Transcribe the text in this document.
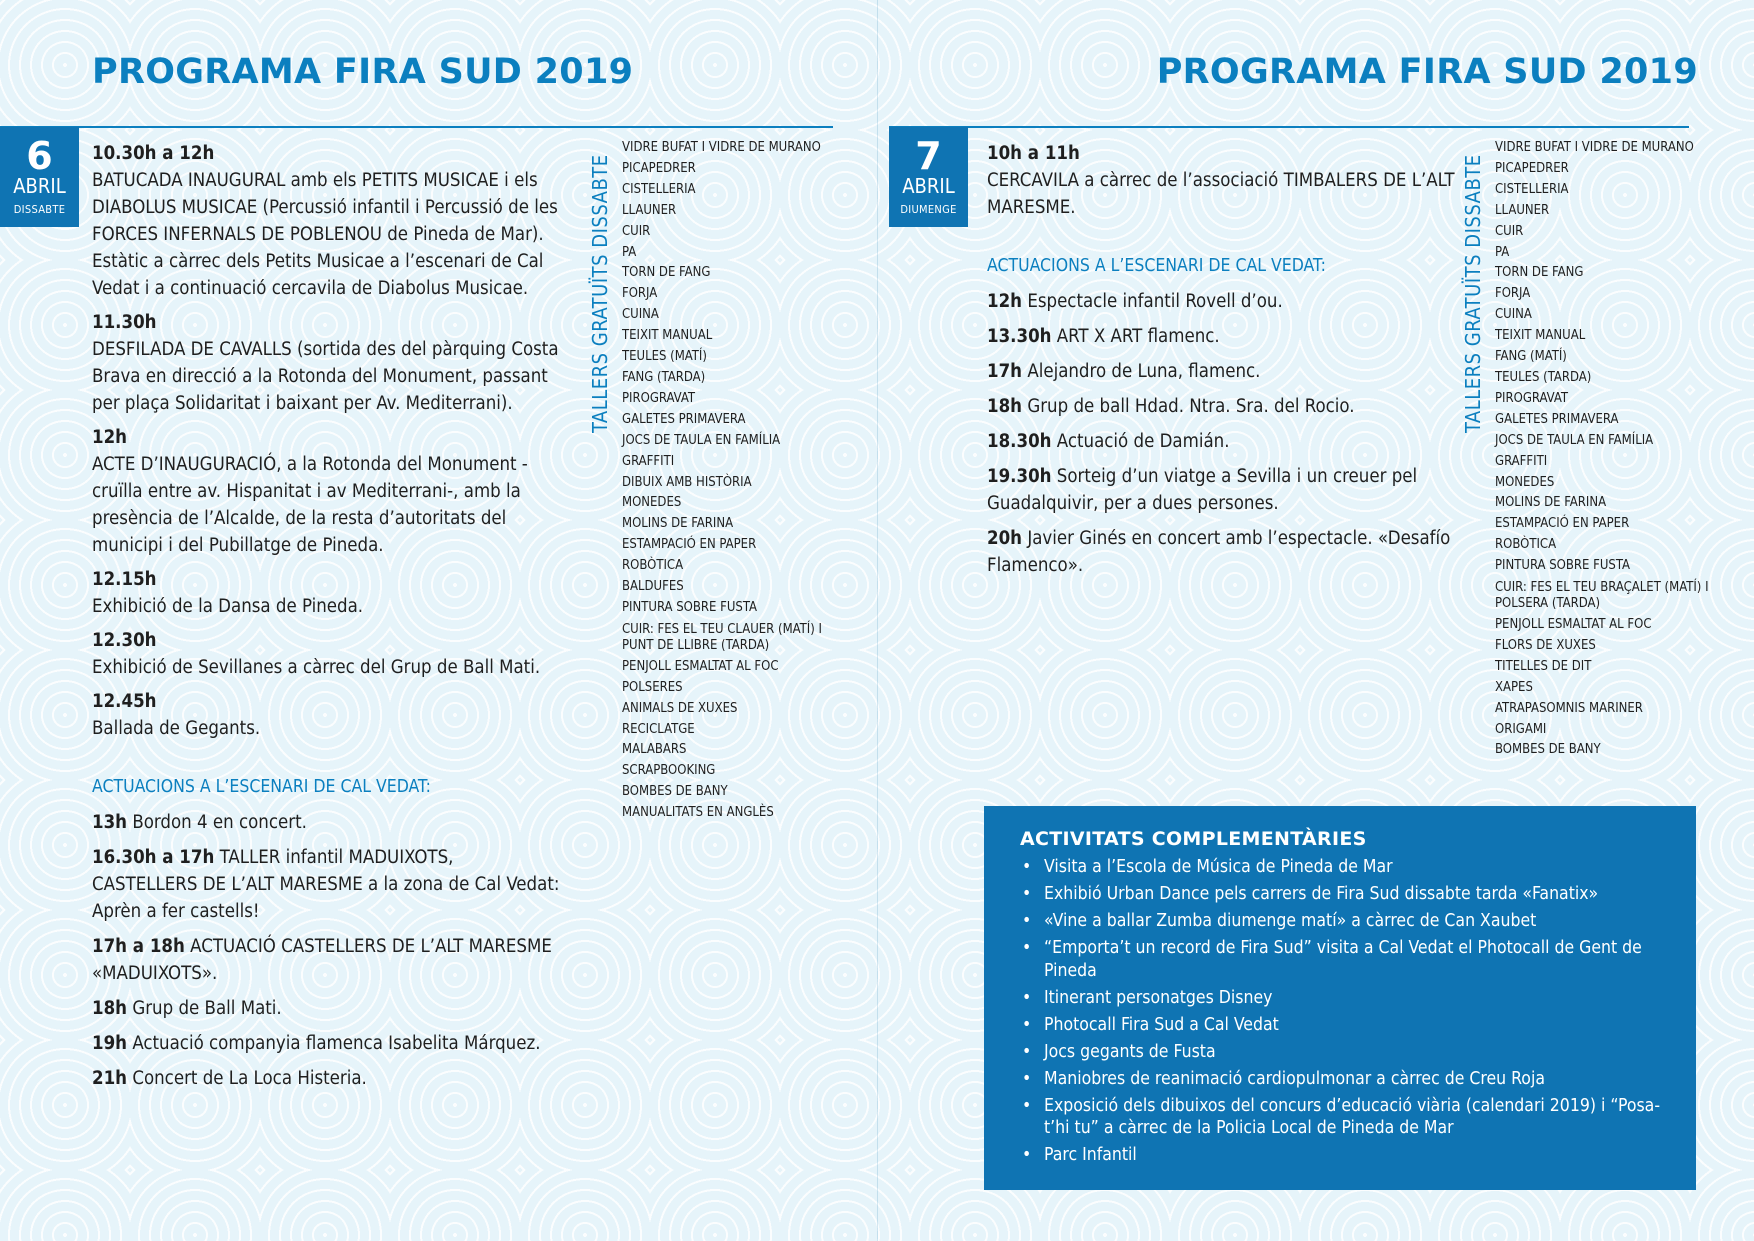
PROGRAMA FIRA SUD 2019
6
ABRIL
DISSABTE
10.30h a 12h
BATUCADA INAUGURAL amb els PETITS MUSICAE i els DIABOLUS MUSICAE (Percussió infantil i Percussió de les FORCES INFERNALS DE POBLENOU de Pineda de Mar). Estàtic a càrrec dels Petits Musicae a l’escenari de Cal Vedat i a continuació cercavila de Diabolus Musicae.
11.30h
DESFILADA DE CAVALLS (sortida des del pàrquing Costa Brava en direcció a la Rotonda del Monument, passant per plaça Solidaritat i baixant per Av. Mediterrani).
12h
ACTE D’INAUGURACIÓ, a la Rotonda del Monument -cruïlla entre av. Hispanitat i av Mediterrani-, amb la presència de l’Alcalde, de la resta d’autoritats del municipi i del Pubillatge de Pineda.
12.15h
Exhibició de la Dansa de Pineda.
12.30h
Exhibició de Sevillanes a càrrec del Grup de Ball Mati.
12.45h
Ballada de Gegants.
ACTUACIONS A L’ESCENARI DE CAL VEDAT:
13h Bordon 4 en concert.
16.30h a 17h TALLER infantil MADUIXOTS, CASTELLERS DE L’ALT MARESME a la zona de Cal Vedat: Aprèn a fer castells!
17h a 18h ACTUACIÓ CASTELLERS DE L’ALT MARESME «MADUIXOTS».
18h Grup de Ball Mati.
19h Actuació companyia flamenca Isabelita Márquez.
21h Concert de La Loca Histeria.
TALLERS GRATUÏTS DISSABTE
VIDRE BUFAT I VIDRE DE MURANO
PICAPEDRER
CISTELLERIA
LLAUNER
CUIR
PA
TORN DE FANG
FORJA
CUINA
TEIXIT MANUAL
TEULES (MATÍ)
FANG (TARDA)
PIROGRAVAT
GALETES PRIMAVERA
JOCS DE TAULA EN FAMÍLIA
GRAFFITI
DIBUIX AMB HISTÒRIA
MONEDES
MOLINS DE FARINA
ESTAMPACIÓ EN PAPER
ROBÒTICA
BALDUFES
PINTURA SOBRE FUSTA
CUIR: FES EL TEU CLAUER (MATÍ) I PUNT DE LLIBRE (TARDA)
PENJOLL ESMALTAT AL FOC
POLSERES
ANIMALS DE XUXES
RECICLATGE
MALABARS
SCRAPBOOKING
BOMBES DE BANY
MANUALITATS EN ANGLÈS
PROGRAMA FIRA SUD 2019
7
ABRIL
DIUMENGE
10h a 11h
CERCAVILA a càrrec de l’associació TIMBALERS DE L’ALT MARESME.
ACTUACIONS A L’ESCENARI DE CAL VEDAT:
12h Espectacle infantil Rovell d’ou.
13.30h ART X ART flamenc.
17h Alejandro de Luna, flamenc.
18h Grup de ball Hdad. Ntra. Sra. del Rocio.
18.30h Actuació de Damián.
19.30h Sorteig d’un viatge a Sevilla i un creuer pel Guadalquivir, per a dues persones.
20h Javier Ginés en concert amb l’espectacle. «Desafío Flamenco».
TALLERS GRATUÏTS DISSABTE
VIDRE BUFAT I VIDRE DE MURANO
PICAPEDRER
CISTELLERIA
LLAUNER
CUIR
PA
TORN DE FANG
FORJA
CUINA
TEIXIT MANUAL
FANG (MATÍ)
TEULES (TARDA)
PIROGRAVAT
GALETES PRIMAVERA
JOCS DE TAULA EN FAMÍLIA
GRAFFITI
MONEDES
MOLINS DE FARINA
ESTAMPACIÓ EN PAPER
ROBÒTICA
PINTURA SOBRE FUSTA
CUIR: FES EL TEU BRAÇALET (MATÍ) I POLSERA (TARDA)
PENJOLL ESMALTAT AL FOC
FLORS DE XUXES
TITELLES DE DIT
XAPES
ATRAPASOMNIS MARINER
ORIGAMI
BOMBES DE BANY
ACTIVITATS COMPLEMENTÀRIES
• Visita a l’Escola de Música de Pineda de Mar
• Exhibió Urban Dance pels carrers de Fira Sud dissabte tarda «Fanatix»
• «Vine a ballar Zumba diumenge matí» a càrrec de Can Xaubet
• “Emporta’t un record de Fira Sud” visita a Cal Vedat el Photocall de Gent de Pineda
• Itinerant personatges Disney
• Photocall Fira Sud a Cal Vedat
• Jocs gegants de Fusta
• Maniobres de reanimació cardiopulmonar a càrrec de Creu Roja
• Exposició dels dibuixos del concurs d’educació viària (calendari 2019) i “Posa-t’hi tu” a càrrec de la Policia Local de Pineda de Mar
• Parc Infantil
